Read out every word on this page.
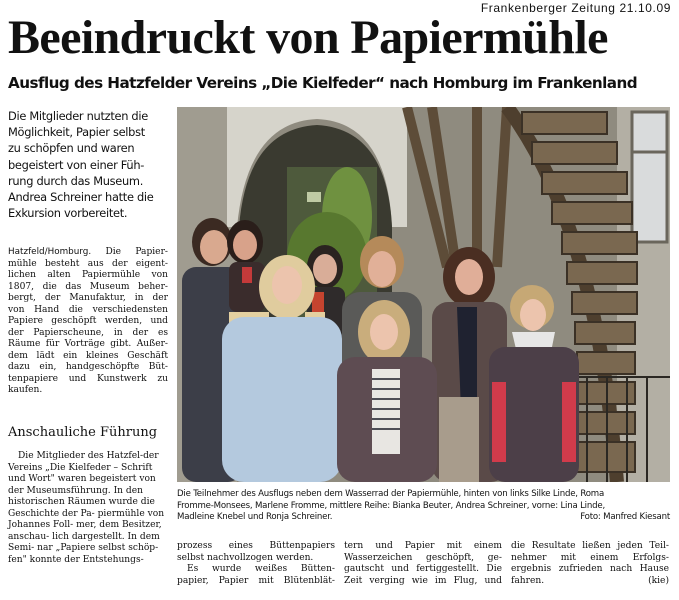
Frankenberger Zeitung 21.10.09
Beeindruckt von Papiermühle
Ausflug des Hatzfelder Vereins „Die Kielfeder“ nach Homburg im Frankenland
Die Mitglieder nutzten die
Möglichkeit, Papier selbst
zu schöpfen und waren
begeistert von einer Füh-
rung durch das Museum.
Andrea Schreiner hatte die
Exkursion vorbereitet.
Hatzfeld/Homburg. Die Papier-
mühle besteht aus der eigent-
lichen alten Papiermühle von
1807, die das Museum beher-
bergt, der Manufaktur, in der
von Hand die verschiedensten
Papiere geschöpft werden, und
der Papierscheune, in der es
Räume für Vorträge gibt. Außer-
dem lädt ein kleines Geschäft
dazu ein, handgeschöpfte Büt-
tenpapiere und Kunstwerk zu
kaufen.
Anschauliche Führung
Die Mitglieder des Hatzfel-der Vereins „Die Kielfeder – Schrift und Wort" waren begeistert von der Museumsführung. In den historischen Räumen wurde die Geschichte der Pa- piermühle von Johannes Foll- mer, dem Besitzer, anschau- lich dargestellt. In dem Semi- nar „Papiere selbst schöp- fen" konnte der Entstehungs-
Die Teilnehmer des Ausflugs neben dem Wasserrad der Papiermühle, hinten von links Silke Linde, Roma
Fromme-Monsees, Marlene Fromme, mittlere Reihe: Bianka Beuter, Andrea Schreiner, vorne: Lina Linde,
Madleine Knebel und Ronja Schreiner.	Foto: Manfred Kiesant
prozess eines Büttenpapiers
selbst nachvollzogen werden.
Es wurde weißes Bütten-
papier, Papier mit Blütenblät-
tern und Papier mit einem
Wasserzeichen geschöpft, ge-
gautscht und fertiggestellt. Die
Zeit verging wie im Flug, und
die Resultate ließen jeden Teil-
nehmer mit einem Erfolgs-
ergebnis zufrieden nach Hause
fahren.	(kie)
